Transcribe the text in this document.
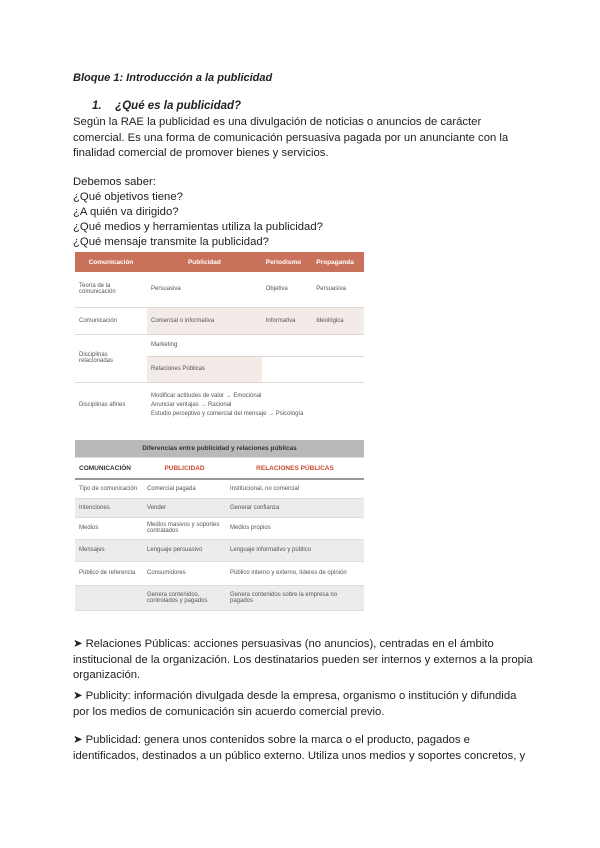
Bloque 1: Introducción a la publicidad
1. ¿Qué es la publicidad?
Según la RAE la publicidad es una divulgación de noticias o anuncios de carácter comercial. Es una forma de comunicación persuasiva pagada por un anunciante con la finalidad comercial de promover bienes y servicios.
Debemos saber:
¿Qué objetivos tiene?
¿A quién va dirigido?
¿Qué medios y herramientas utiliza la publicidad?
¿Qué mensaje transmite la publicidad?
Comunicación	Publicidad	Periodismo	Propaganda
Teoría de la comunicación	Persuasiva	Objetiva	Persuasiva
Comunicación	Comercial o informativa	Informativa	Ideológica
Disciplinas relacionadas	Marketing		
	Relaciones Públicas		
Disciplinas afines	Modificar actitudes de valor → Emocional
Anunciar ventajas → Racional
Estudio perceptivo y comercial del mensaje → Psicología		
Diferencias entre publicidad y relaciones públicas		
COMUNICACIÓN	PUBLICIDAD	RELACIONES PÚBLICAS
Tipo de comunicación	Comercial pagada	Institucional, no comercial
Intenciones	Vender	Generar confianza
Medios	Medios masivos y soportes contratados	Medios propios
Mensajes	Lenguaje persuasivo	Lenguaje informativo y público
Público de referencia	Consumidores	Público interno y externo, líderes de opinión
	Genera contenidos, controlados y pagados	Genera contenidos sobre la empresa no pagados
➤ Relaciones Públicas: acciones persuasivas (no anuncios), centradas en el ámbito institucional de la organización. Los destinatarios pueden ser internos y externos a la propia organización.
➤ Publicity: información divulgada desde la empresa, organismo o institución y difundida por los medios de comunicación sin acuerdo comercial previo.
➤ Publicidad: genera unos contenidos sobre la marca o el producto, pagados e identificados, destinados a un público externo. Utiliza unos medios y soportes concretos, y
